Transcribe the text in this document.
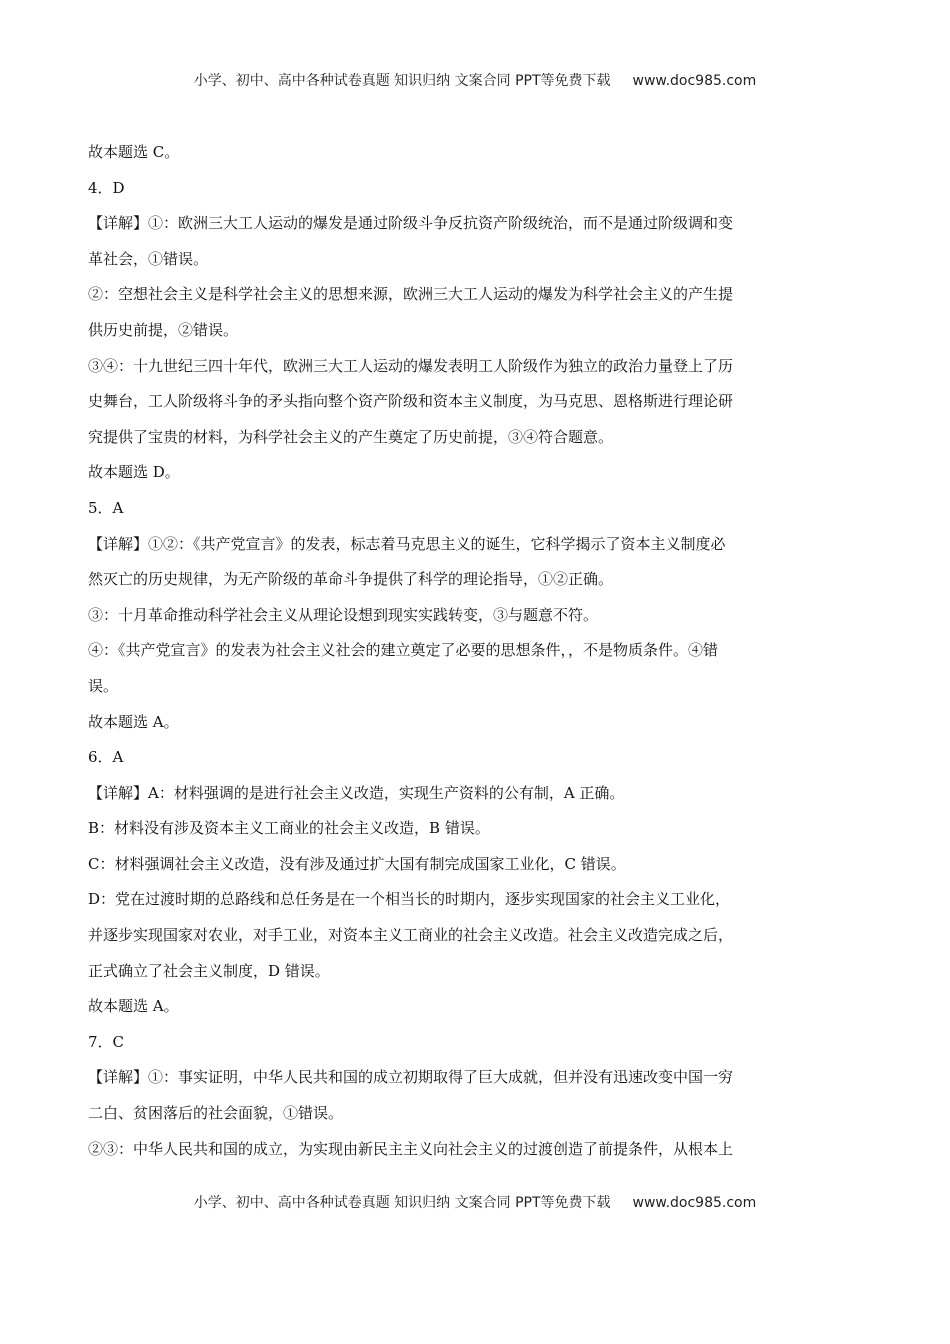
小学、初中、高中各种试卷真题 知识归纳 文案合同 PPT等免费下载 www.doc985.com
故本题选 C。
4．D
【详解】①：欧洲三大工人运动的爆发是通过阶级斗争反抗资产阶级统治，而不是通过阶级调和变
革社会，①错误。
②：空想社会主义是科学社会主义的思想来源，欧洲三大工人运动的爆发为科学社会主义的产生提
供历史前提，②错误。
③④：十九世纪三四十年代，欧洲三大工人运动的爆发表明工人阶级作为独立的政治力量登上了历
史舞台，工人阶级将斗争的矛头指向整个资产阶级和资本主义制度，为马克思、恩格斯进行理论研
究提供了宝贵的材料，为科学社会主义的产生奠定了历史前提，③④符合题意。
故本题选 D。
5．A
【详解】①②：《共产党宣言》的发表，标志着马克思主义的诞生，它科学揭示了资本主义制度必
然灭亡的历史规律，为无产阶级的革命斗争提供了科学的理论指导，①②正确。
③：十月革命推动科学社会主义从理论设想到现实实践转变，③与题意不符。
④：《共产党宣言》的发表为社会主义社会的建立奠定了必要的思想条件，，不是物质条件。④错
误。
故本题选 A。
6．A
【详解】A：材料强调的是进行社会主义改造，实现生产资料的公有制，A 正确。
B：材料没有涉及资本主义工商业的社会主义改造，B 错误。
C：材料强调社会主义改造，没有涉及通过扩大国有制完成国家工业化，C 错误。
D：党在过渡时期的总路线和总任务是在一个相当长的时期内，逐步实现国家的社会主义工业化，
并逐步实现国家对农业，对手工业，对资本主义工商业的社会主义改造。社会主义改造完成之后，
正式确立了社会主义制度，D 错误。
故本题选 A。
7．C
【详解】①：事实证明，中华人民共和国的成立初期取得了巨大成就，但并没有迅速改变中国一穷
二白、贫困落后的社会面貌，①错误。
②③：中华人民共和国的成立，为实现由新民主主义向社会主义的过渡创造了前提条件，从根本上
小学、初中、高中各种试卷真题 知识归纳 文案合同 PPT等免费下载 www.doc985.com
